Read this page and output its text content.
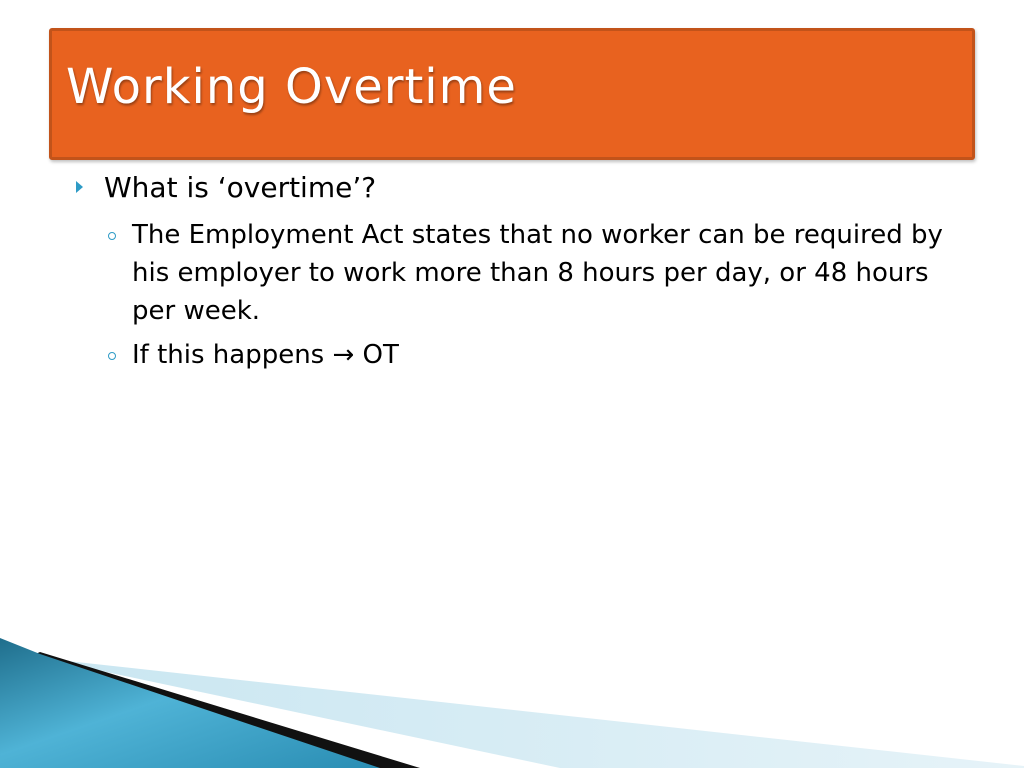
Working Overtime
What is ‘overtime’?
The Employment Act states that no worker can be required by his employer to work more than 8 hours per day, or 48 hours per week.
If this happens → OT
